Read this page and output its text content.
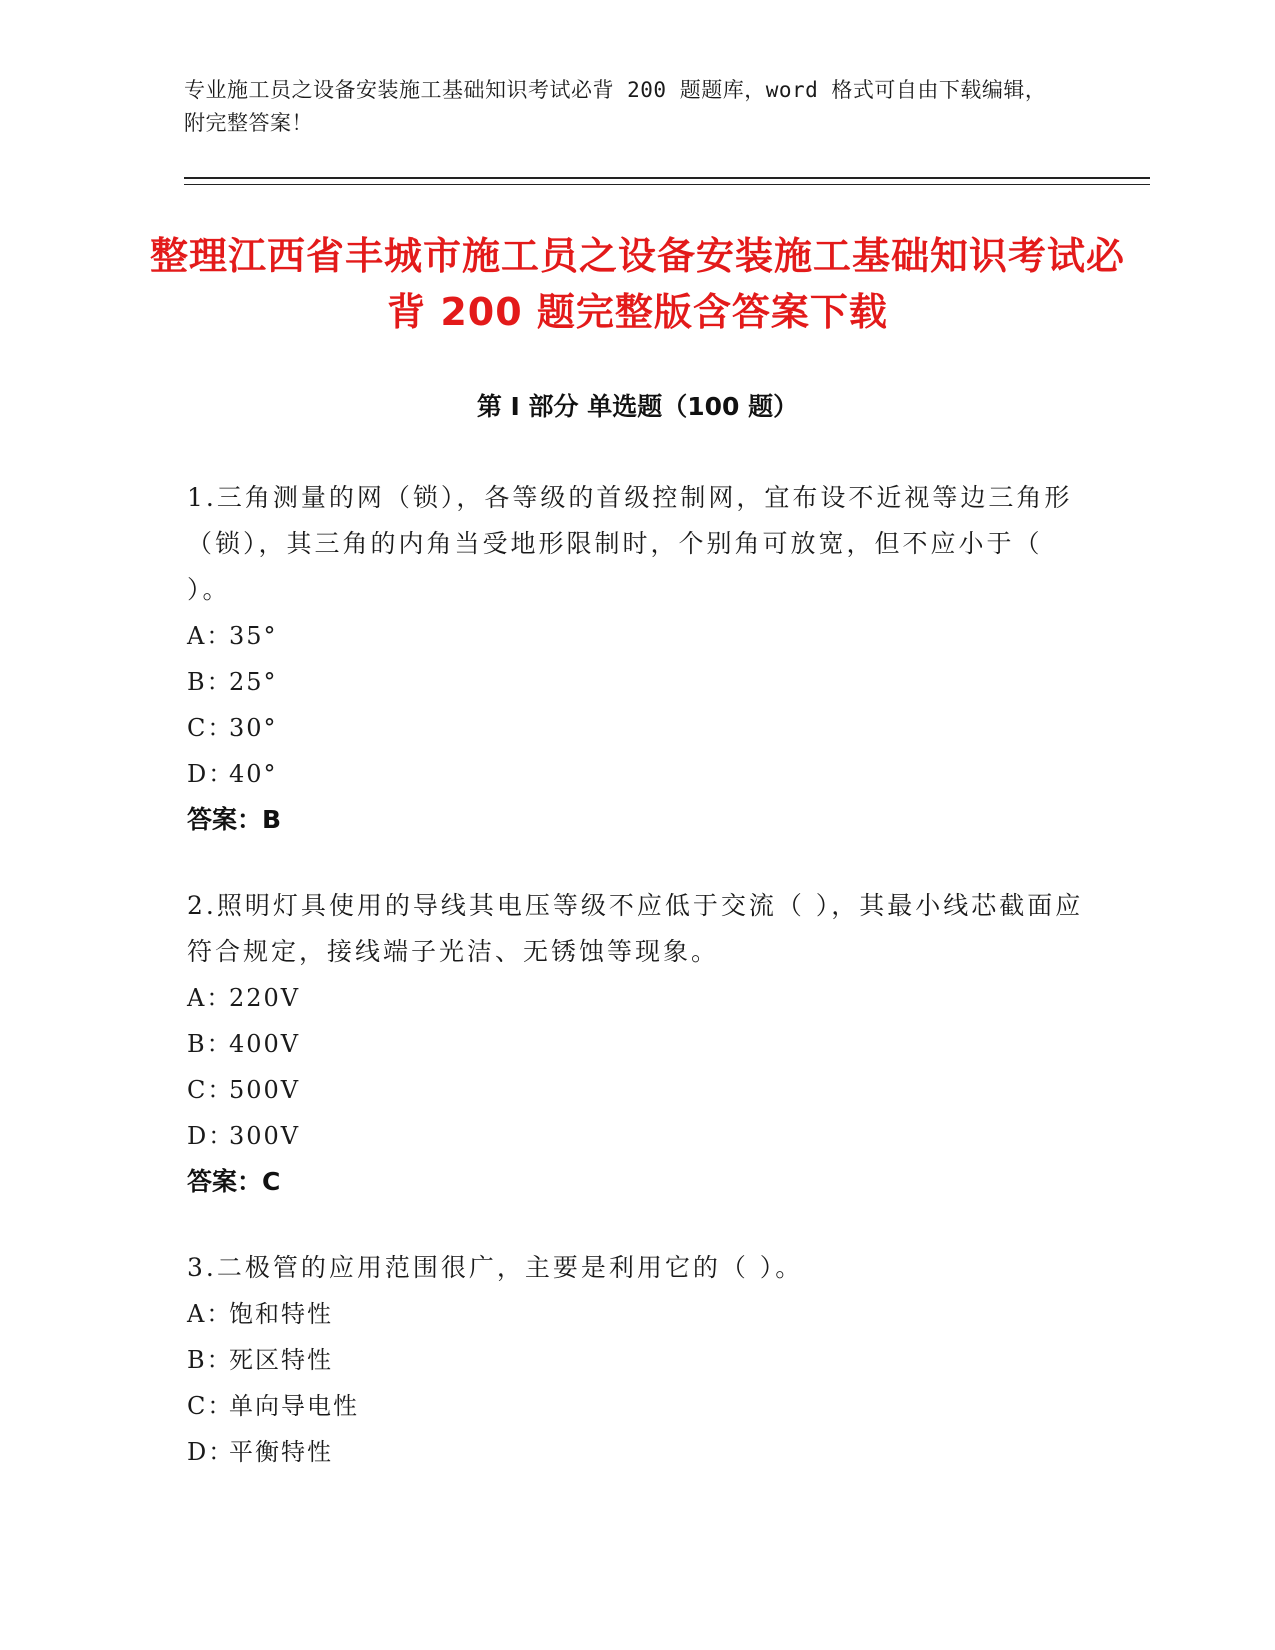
专业施工员之设备安装施工基础知识考试必背 200 题题库，word 格式可自由下载编辑，附完整答案！
整理江西省丰城市施工员之设备安装施工基础知识考试必背 200 题完整版含答案下载
第 I 部分 单选题（100 题）

1.三角测量的网（锁），各等级的首级控制网，宜布设不近视等边三角形（锁），其三角的内角当受地形限制时，个别角可放宽，但不应小于（ ）。

A：
35°
B：
25°
C：
30°
D：
40°
答案：B

2.照明灯具使用的导线其电压等级不应低于交流（ ），其最小线芯截面应符合规定，接线端子光洁、无锈蚀等现象。

A：
220V
B：
400V
C：
500V
D：
300V
答案：C

3.二极管的应用范围很广，主要是利用它的（ ）。

A：
饱和特性
B：
死区特性
C：
单向导电性
D：
平衡特性
